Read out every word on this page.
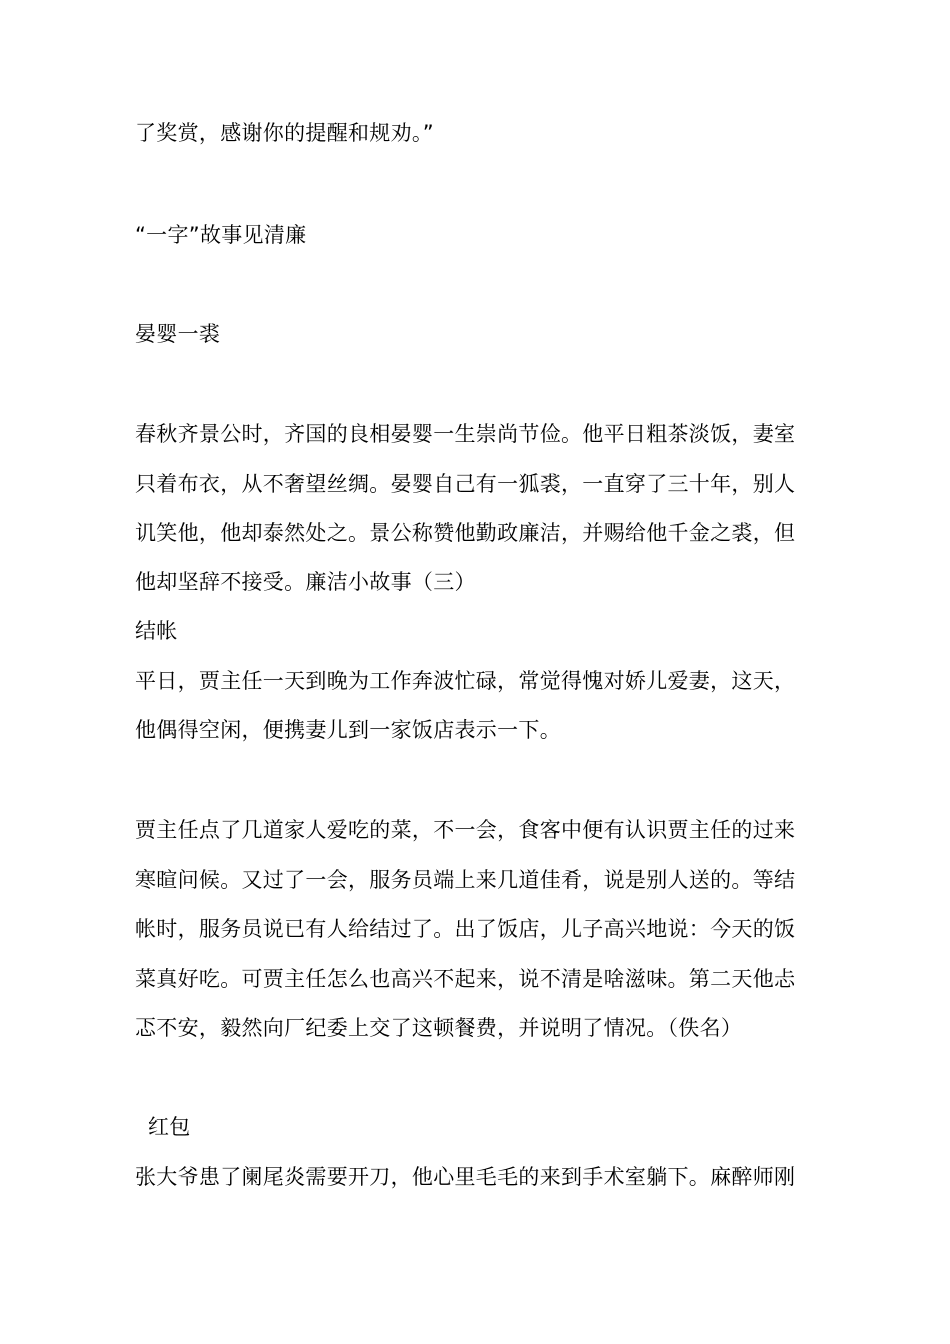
了奖赏，感谢你的提醒和规劝。”
“一字”故事见清廉
晏婴一裘
春秋齐景公时，齐国的良相晏婴一生崇尚节俭。他平日粗茶淡饭，妻室
只着布衣，从不奢望丝绸。晏婴自己有一狐裘，一直穿了三十年，别人
讥笑他，他却泰然处之。景公称赞他勤政廉洁，并赐给他千金之裘，但
他却坚辞不接受。廉洁小故事（三）
结帐
平日，贾主任一天到晚为工作奔波忙碌，常觉得愧对娇儿爱妻，这天，
他偶得空闲，便携妻儿到一家饭店表示一下。
贾主任点了几道家人爱吃的菜，不一会，食客中便有认识贾主任的过来
寒暄问候。又过了一会，服务员端上来几道佳肴，说是别人送的。等结
帐时，服务员说已有人给结过了。出了饭店，儿子高兴地说：今天的饭
菜真好吃。可贾主任怎么也高兴不起来，说不清是啥滋味。第二天他忐
忑不安，毅然向厂纪委上交了这顿餐费，并说明了情况。（佚名）
红包
张大爷患了阑尾炎需要开刀，他心里毛毛的来到手术室躺下。麻醉师刚
